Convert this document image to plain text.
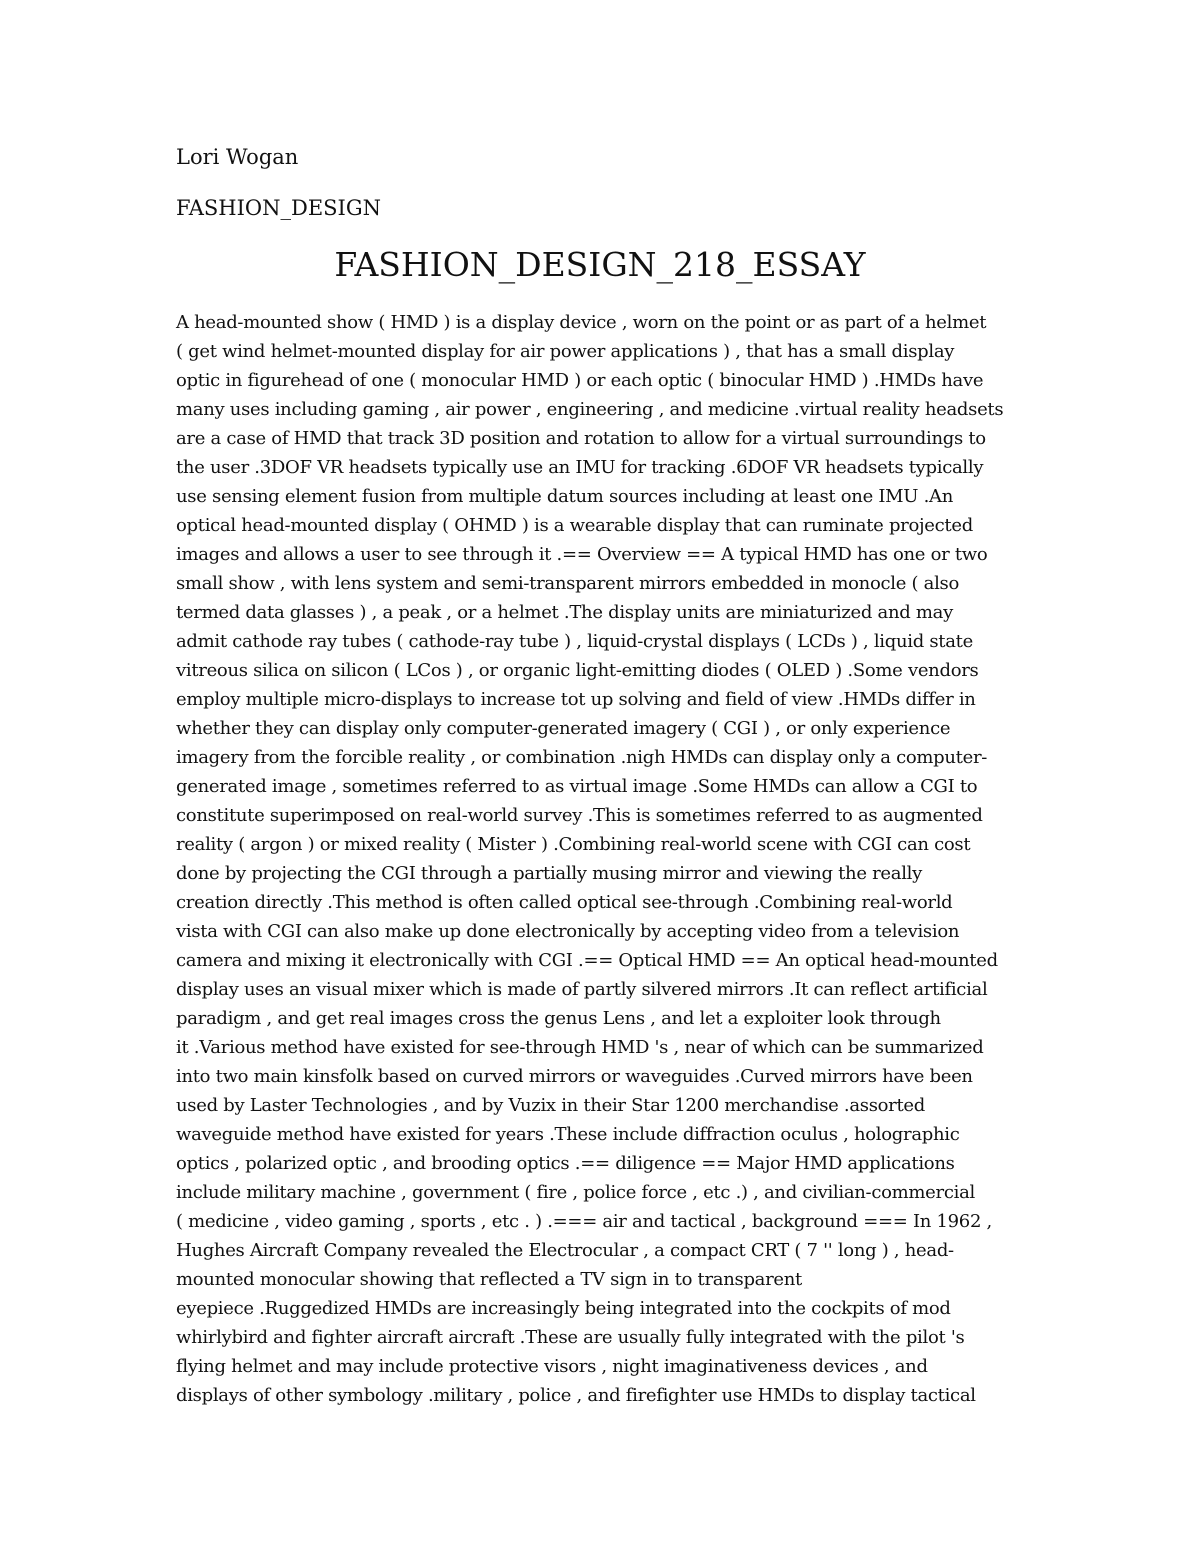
Lori Wogan
FASHION_DESIGN
FASHION_DESIGN_218_ESSAY
A head-mounted show ( HMD ) is a display device , worn on the point or as part of a helmet
( get wind helmet-mounted display for air power applications ) , that has a small display
optic in figurehead of one ( monocular HMD ) or each optic ( binocular HMD ) .HMDs have
many uses including gaming , air power , engineering , and medicine .virtual reality headsets
are a case of HMD that track 3D position and rotation to allow for a virtual surroundings to
the user .3DOF VR headsets typically use an IMU for tracking .6DOF VR headsets typically
use sensing element fusion from multiple datum sources including at least one IMU .An
optical head-mounted display ( OHMD ) is a wearable display that can ruminate projected
images and allows a user to see through it .== Overview == A typical HMD has one or two
small show , with lens system and semi-transparent mirrors embedded in monocle ( also
termed data glasses ) , a peak , or a helmet .The display units are miniaturized and may
admit cathode ray tubes ( cathode-ray tube ) , liquid-crystal displays ( LCDs ) , liquid state
vitreous silica on silicon ( LCos ) , or organic light-emitting diodes ( OLED ) .Some vendors
employ multiple micro-displays to increase tot up solving and field of view .HMDs differ in
whether they can display only computer-generated imagery ( CGI ) , or only experience
imagery from the forcible reality , or combination .nigh HMDs can display only a computer-
generated image , sometimes referred to as virtual image .Some HMDs can allow a CGI to
constitute superimposed on real-world survey .This is sometimes referred to as augmented
reality ( argon ) or mixed reality ( Mister ) .Combining real-world scene with CGI can cost
done by projecting the CGI through a partially musing mirror and viewing the really
creation directly .This method is often called optical see-through .Combining real-world
vista with CGI can also make up done electronically by accepting video from a television
camera and mixing it electronically with CGI .== Optical HMD == An optical head-mounted
display uses an visual mixer which is made of partly silvered mirrors .It can reflect artificial
paradigm , and get real images cross the genus Lens , and let a exploiter look through
it .Various method have existed for see-through HMD 's , near of which can be summarized
into two main kinsfolk based on curved mirrors or waveguides .Curved mirrors have been
used by Laster Technologies , and by Vuzix in their Star 1200 merchandise .assorted
waveguide method have existed for years .These include diffraction oculus , holographic
optics , polarized optic , and brooding optics .== diligence == Major HMD applications
include military machine , government ( fire , police force , etc .) , and civilian-commercial
( medicine , video gaming , sports , etc . ) .=== air and tactical , background === In 1962 ,
Hughes Aircraft Company revealed the Electrocular , a compact CRT ( 7 '' long ) , head-
mounted monocular showing that reflected a TV sign in to transparent
eyepiece .Ruggedized HMDs are increasingly being integrated into the cockpits of mod
whirlybird and fighter aircraft aircraft .These are usually fully integrated with the pilot 's
flying helmet and may include protective visors , night imaginativeness devices , and
displays of other symbology .military , police , and firefighter use HMDs to display tactical
